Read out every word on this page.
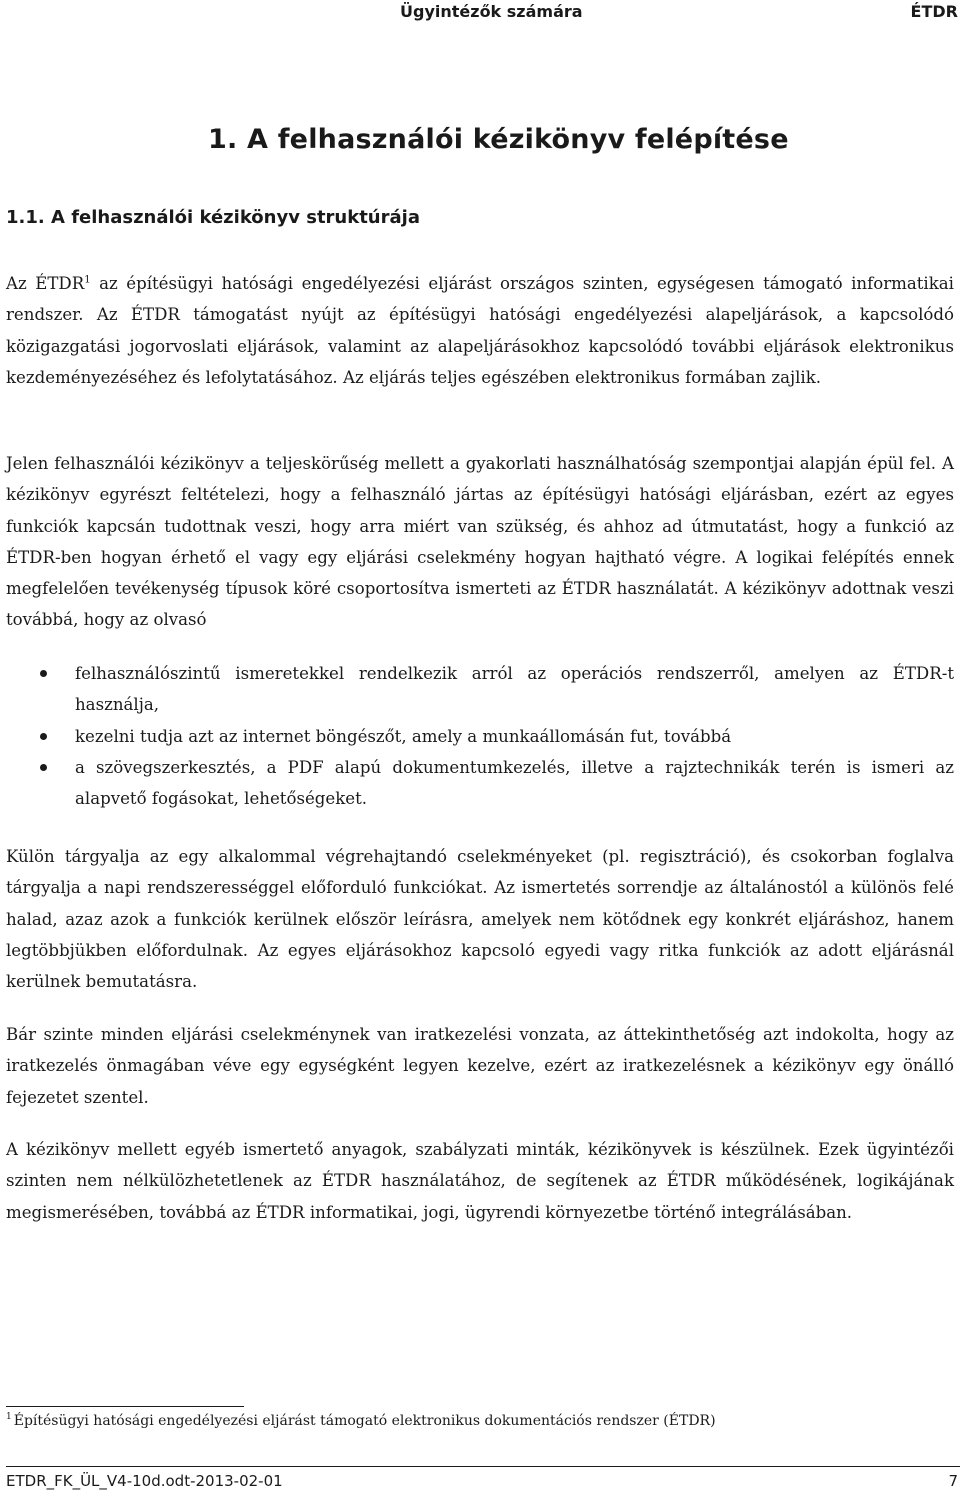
Ügyintézők számára	ÉTDR
1. A felhasználói kézikönyv felépítése
1.1. A felhasználói kézikönyv struktúrája

Az ÉTDR$^1$ az építésügyi hatósági engedélyezési eljárást országos szinten, egységesen támogató informatikai rendszer. Az ÉTDR támogatást nyújt az építésügyi hatósági engedélyezési alapeljárások, a kapcsolódó közigazgatási jogorvoslati eljárások, valamint az alapeljárásokhoz kapcsolódó további eljárások elektronikus kezdeményezéséhez és lefolytatásához. Az eljárás teljes egészében elektronikus formában zajlik.

Jelen felhasználói kézikönyv a teljeskörűség mellett a gyakorlati használhatóság szempontjai alapján épül fel. A kézikönyv egyrészt feltételezi, hogy a felhasználó jártas az építésügyi hatósági eljárásban, ezért az egyes funkciók kapcsán tudottnak veszi, hogy arra miért van szükség, és ahhoz ad útmutatást, hogy a funkció az ÉTDR-ben hogyan érhető el vagy egy eljárási cselekmény hogyan hajtható végre. A logikai felépítés ennek megfelelően tevékenység típusok köré csoportosítva ismerteti az ÉTDR használatát. A kézikönyv adottnak veszi továbbá, hogy az olvasó

felhasználószintű ismeretekkel rendelkezik arról az operációs rendszerről, amelyen az ÉTDR-t használja,
kezelni tudja azt az internet böngészőt, amely a munkaállomásán fut, továbbá
a szövegszerkesztés, a PDF alapú dokumentumkezelés, illetve a rajztechnikák terén is ismeri az alapvető fogásokat, lehetőségeket.

Külön tárgyalja az egy alkalommal végrehajtandó cselekményeket (pl. regisztráció), és csokorban foglalva tárgyalja a napi rendszerességgel előforduló funkciókat. Az ismertetés sorrendje az általánostól a különös felé halad, azaz azok a funkciók kerülnek először leírásra, amelyek nem kötődnek egy konkrét eljáráshoz, hanem legtöbbjükben előfordulnak. Az egyes eljárásokhoz kapcsoló egyedi vagy ritka funkciók az adott eljárásnál kerülnek bemutatásra.

Bár szinte minden eljárási cselekménynek van iratkezelési vonzata, az áttekinthetőség azt indokolta, hogy az iratkezelés önmagában véve egy egységként legyen kezelve, ezért az iratkezelésnek a kézikönyv egy önálló fejezetet szentel.

A kézikönyv mellett egyéb ismertető anyagok, szabályzati minták, kézikönyvek is készülnek. Ezek ügyintézői szinten nem nélkülözhetetlenek az ÉTDR használatához, de segítenek az ÉTDR működésének, logikájának megismerésében, továbbá az ÉTDR informatikai, jogi, ügyrendi környezetbe történő integrálásában.

$^1$ Építésügyi hatósági engedélyezési eljárást támogató elektronikus dokumentációs rendszer (ÉTDR)

ETDR_FK_ÜL_V4-10d.odt-2013-02-01	7
